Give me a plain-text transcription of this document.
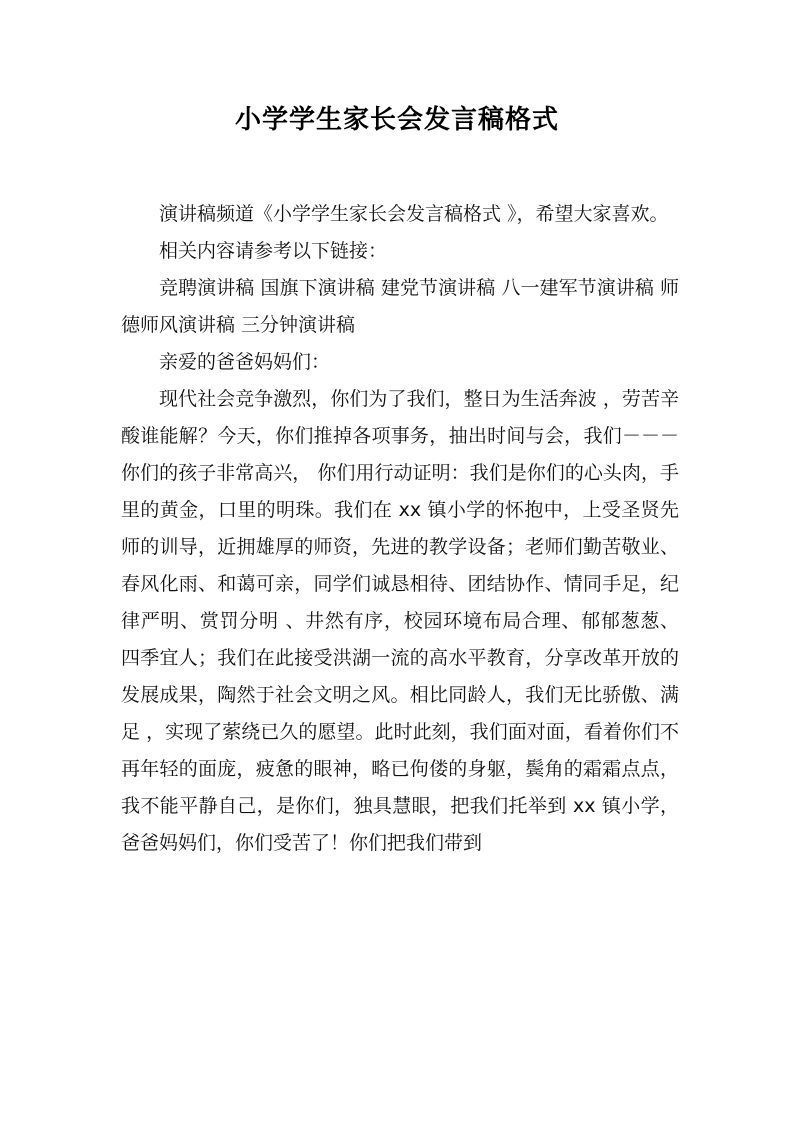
小学学生家长会发言稿格式

演讲稿频道《小学学生家长会发言稿格式 》，希望大家喜欢。

相关内容请参考以下链接：

竞聘演讲稿 国旗下演讲稿 建党节演讲稿 八一建军节演讲稿 师德师风演讲稿 三分钟演讲稿

亲爱的爸爸妈妈们：

现代社会竞争激烈，你们为了我们，整日为生活奔波 ，劳苦辛酸谁能解？今天，你们推掉各项事务，抽出时间与会，我们－－－你们的孩子非常高兴， 你们用行动证明：我们是你们的心头肉，手里的黄金，口里的明珠。我们在 xx 镇小学的怀抱中，上受圣贤先师的训导，近拥雄厚的师资，先进的教学设备；老师们勤苦敬业、春风化雨、和蔼可亲，同学们诚恳相待、团结协作、情同手足，纪律严明、赏罚分明 、井然有序，校园环境布局合理、郁郁葱葱、 四季宜人；我们在此接受洪湖一流的高水平教育，分享改革开放的发展成果，陶然于社会文明之风。相比同龄人，我们无比骄傲、满足 ，实现了萦绕已久的愿望。此时此刻，我们面对面，看着你们不再年轻的面庞，疲惫的眼神，略已佝偻的身躯，鬓角的霜霜点点，我不能平静自己，是你们，独具慧眼，把我们托举到 xx 镇小学，爸爸妈妈们，你们受苦了！你们把我们带到
